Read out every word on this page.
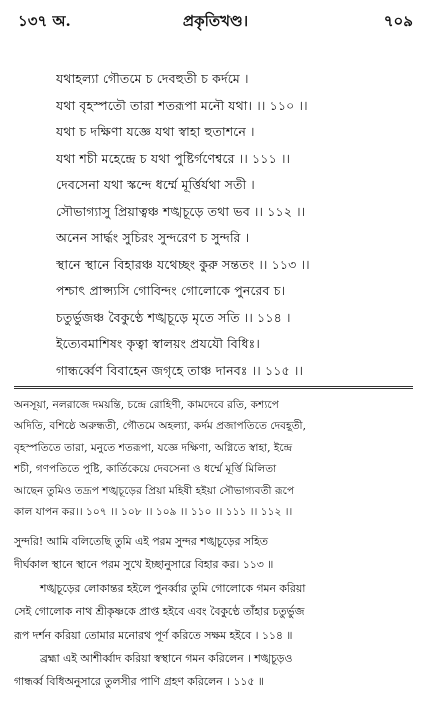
১৩৭ অ.	প্রকৃতিখণ্ড।	৭০৯
যথাহল্যা গৌতমে চ দেবহুতী চ কর্দমে ।
যথা বৃহস্পতৌ তারা শতরূপা মনৌ যথা। ।। ১১০ ।।
যথা চ দক্ষিণা যজ্ঞে যথা স্বাহা হুতাশনে ।
যথা শচী মহেন্দ্রে চ যথা পুষ্টির্গণেশ্বরে ।। ১১১ ।।
দেবসেনা যথা স্কন্দে ধর্ম্মে মূর্ত্তির্যথা সতী ।
সৌভাগ্যাসু প্রিয়াত্বঞ্চ শঙ্খচূড়ে তথা ভব ।। ১১২ ।।
অনেন সার্দ্ধং সুচিরং সুন্দরেণ চ সুন্দরি ।
স্থানে স্থানে বিহারঞ্চ যথেচ্ছং কুরু সন্ততং ।। ১১৩ ।।
পশ্চাৎ প্রাপ্স্যসি গোবিন্দং গোলোকে পুনরেব চ।
চতুর্ভুজঞ্চ বৈকুণ্ঠে শঙ্খচূড়ে মৃতে সতি ।। ১১৪ ।
ইত্যেবমাশিষং কৃত্বা স্বালয়ং প্রযযৌ বিধিঃ।
গান্ধর্ব্বেণ বিবাহেন জগৃহে তাঞ্চ দানবঃ ।। ১১৫ ।।
অনসূয়া, নলরাজে দময়ন্তি, চন্দ্রে রোহিণী, কামদেবে রতি, কশ্যপে
অদিতি, বশিষ্ঠে অরুন্ধতী, গৌতমে অহল্যা, কর্দম প্রজাপতিতে দেবহূতী,
বৃহস্পতিতে তারা, মনুতে শতরূপা, যজ্ঞে দক্ষিণা, অগ্নিতে স্বাহা, ইন্দ্রে
শচী, গণপতিতে পুষ্টি, কার্তিকেয়ে দেবসেনা ও ধর্ম্মে মূর্ত্তি মিলিতা
আছেন তুমিও তদ্রূপ শঙ্খচূড়ের প্রিয়া মহিষী হইয়া সৌভাগ্যবতী রূপে
কাল যাপন কর।। ১০৭ ।। ১০৮ ।। ১০৯ ।। ১১০ ।। ১১১ ।। ১১২ ।।
সুন্দরি! আমি বলিতেছি তুমি এই পরম সুন্দর শঙ্খচূড়ের সহিত
দীর্ঘকাল স্থানে স্থানে পরম সুখে ইচ্ছানুসারে বিহার কর। ১১৩ ॥
শঙ্খচূড়ের লোকান্তর হইলে পুনর্ব্বার তুমি গোলোকে গমন করিয়া
সেই গোলোক নাথ শ্রীকৃষ্ণকে প্রাপ্ত হইবে এবং বৈকুণ্ঠে তাঁহার চতুর্ভুজ
রূপ দর্শন করিয়া তোমার মনোরথ পূর্ণ করিতে সক্ষম হইবে । ১১৪ ॥
ব্রহ্মা এই আশীর্ব্বাদ করিয়া স্বস্থানে গমন করিলেন । শঙ্খচূড়ও
গান্ধর্ব্ব বিধিঅনুসারে তুলসীর পাণি গ্রহণ করিলেন । ১১৫ ॥
